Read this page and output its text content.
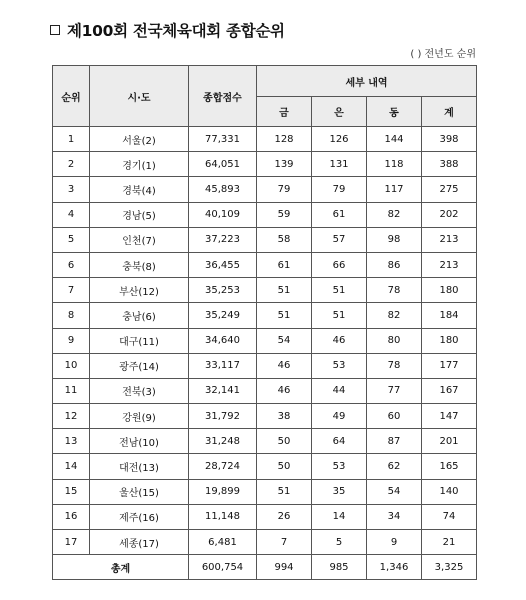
제100회 전국체육대회 종합순위
( ) 전년도 순위
순위	시·도	종합점수	세부 내역			
			금	은	동	계
1	서울(2)	77,331	128	126	144	398
2	경기(1)	64,051	139	131	118	388
3	경북(4)	45,893	79	79	117	275
4	경남(5)	40,109	59	61	82	202
5	인천(7)	37,223	58	57	98	213
6	충북(8)	36,455	61	66	86	213
7	부산(12)	35,253	51	51	78	180
8	충남(6)	35,249	51	51	82	184
9	대구(11)	34,640	54	46	80	180
10	광주(14)	33,117	46	53	78	177
11	전북(3)	32,141	46	44	77	167
12	강원(9)	31,792	38	49	60	147
13	전남(10)	31,248	50	64	87	201
14	대전(13)	28,724	50	53	62	165
15	울산(15)	19,899	51	35	54	140
16	제주(16)	11,148	26	14	34	74
17	세종(17)	6,481	7	5	9	21
총계		600,754	994	985	1,346	3,325
